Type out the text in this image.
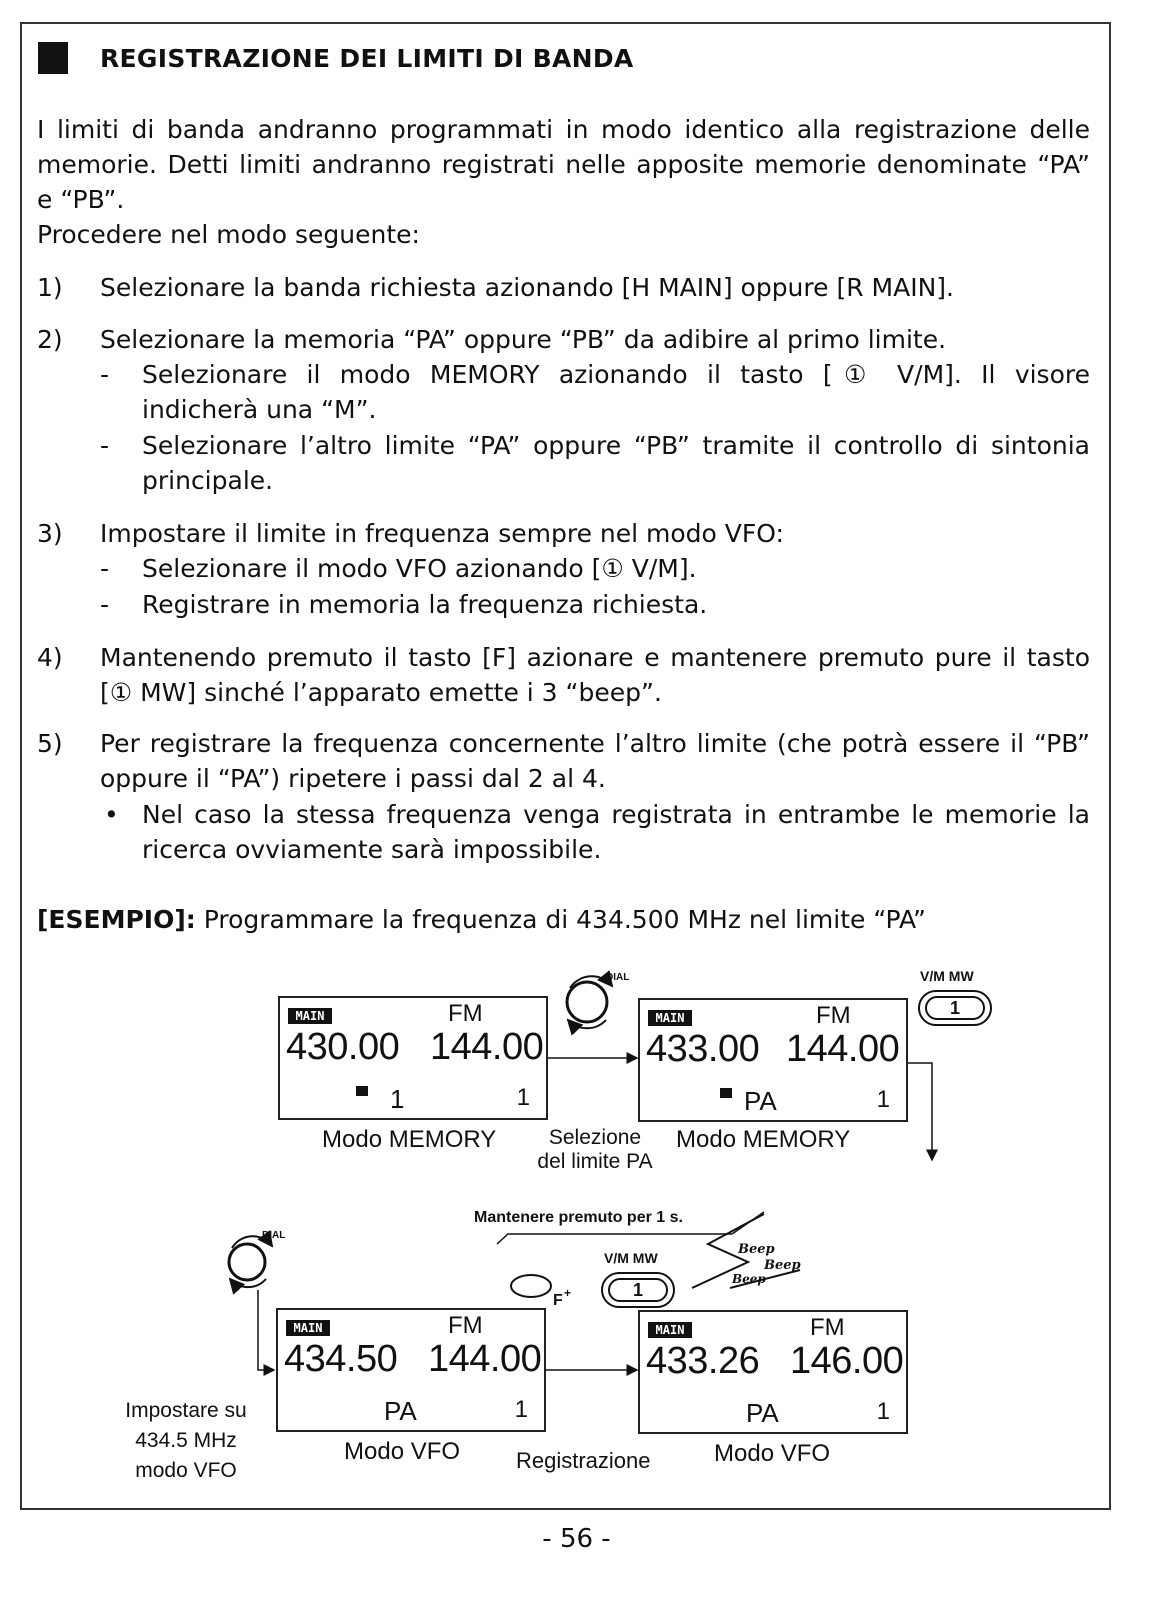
REGISTRAZIONE DEI LIMITI DI BANDA
I limiti di banda andranno programmati in modo identico alla registrazione delle
memorie. Detti limiti andranno registrati nelle apposite memorie denominate “PA”
e “PB”.
Procedere nel modo seguente:
1) Selezionare la banda richiesta azionando [H MAIN] oppure [R MAIN].
2) Selezionare la memoria “PA” oppure “PB” da adibire al primo limite.
- Selezionare il modo MEMORY azionando il tasto [① V/M]. Il visore
indicherà una “M”.
- Selezionare l’altro limite “PA” oppure “PB” tramite il controllo di sintonia
principale.
3) Impostare il limite in frequenza sempre nel modo VFO:
- Selezionare il modo VFO azionando [① V/M].
- Registrare in memoria la frequenza richiesta.
4) Mantenendo premuto il tasto [F] azionare e mantenere premuto pure il tasto
[① MW] sinché l’apparato emette i 3 “beep”.
5) Per registrare la frequenza concernente l’altro limite (che potrà essere il “PB”
oppure il “PA”) ripetere i passi dal 2 al 4.
• Nel caso la stessa frequenza venga registrata in entrambe le memorie la
ricerca ovviamente sarà impossibile.
[ESEMPIO]: Programmare la frequenza di 434.500 MHz nel limite “PA”
DIAL
DIAL
V/M MW
1
V/M MW
1
F +
Mantenere premuto per 1 s.
Beep
Beep
Beep
MAIN	FM
430.00 144.00
1	1
Modo MEMORY
MAIN	FM
433.00 144.00
PA	1
Modo MEMORY
Selezione
del limite PA
MAIN	FM
434.50 144.00
PA	1
Modo VFO
MAIN	FM
433.26 146.00
PA	1
Modo VFO
Registrazione
Impostare su
434.5 MHz
modo VFO
- 56 -
